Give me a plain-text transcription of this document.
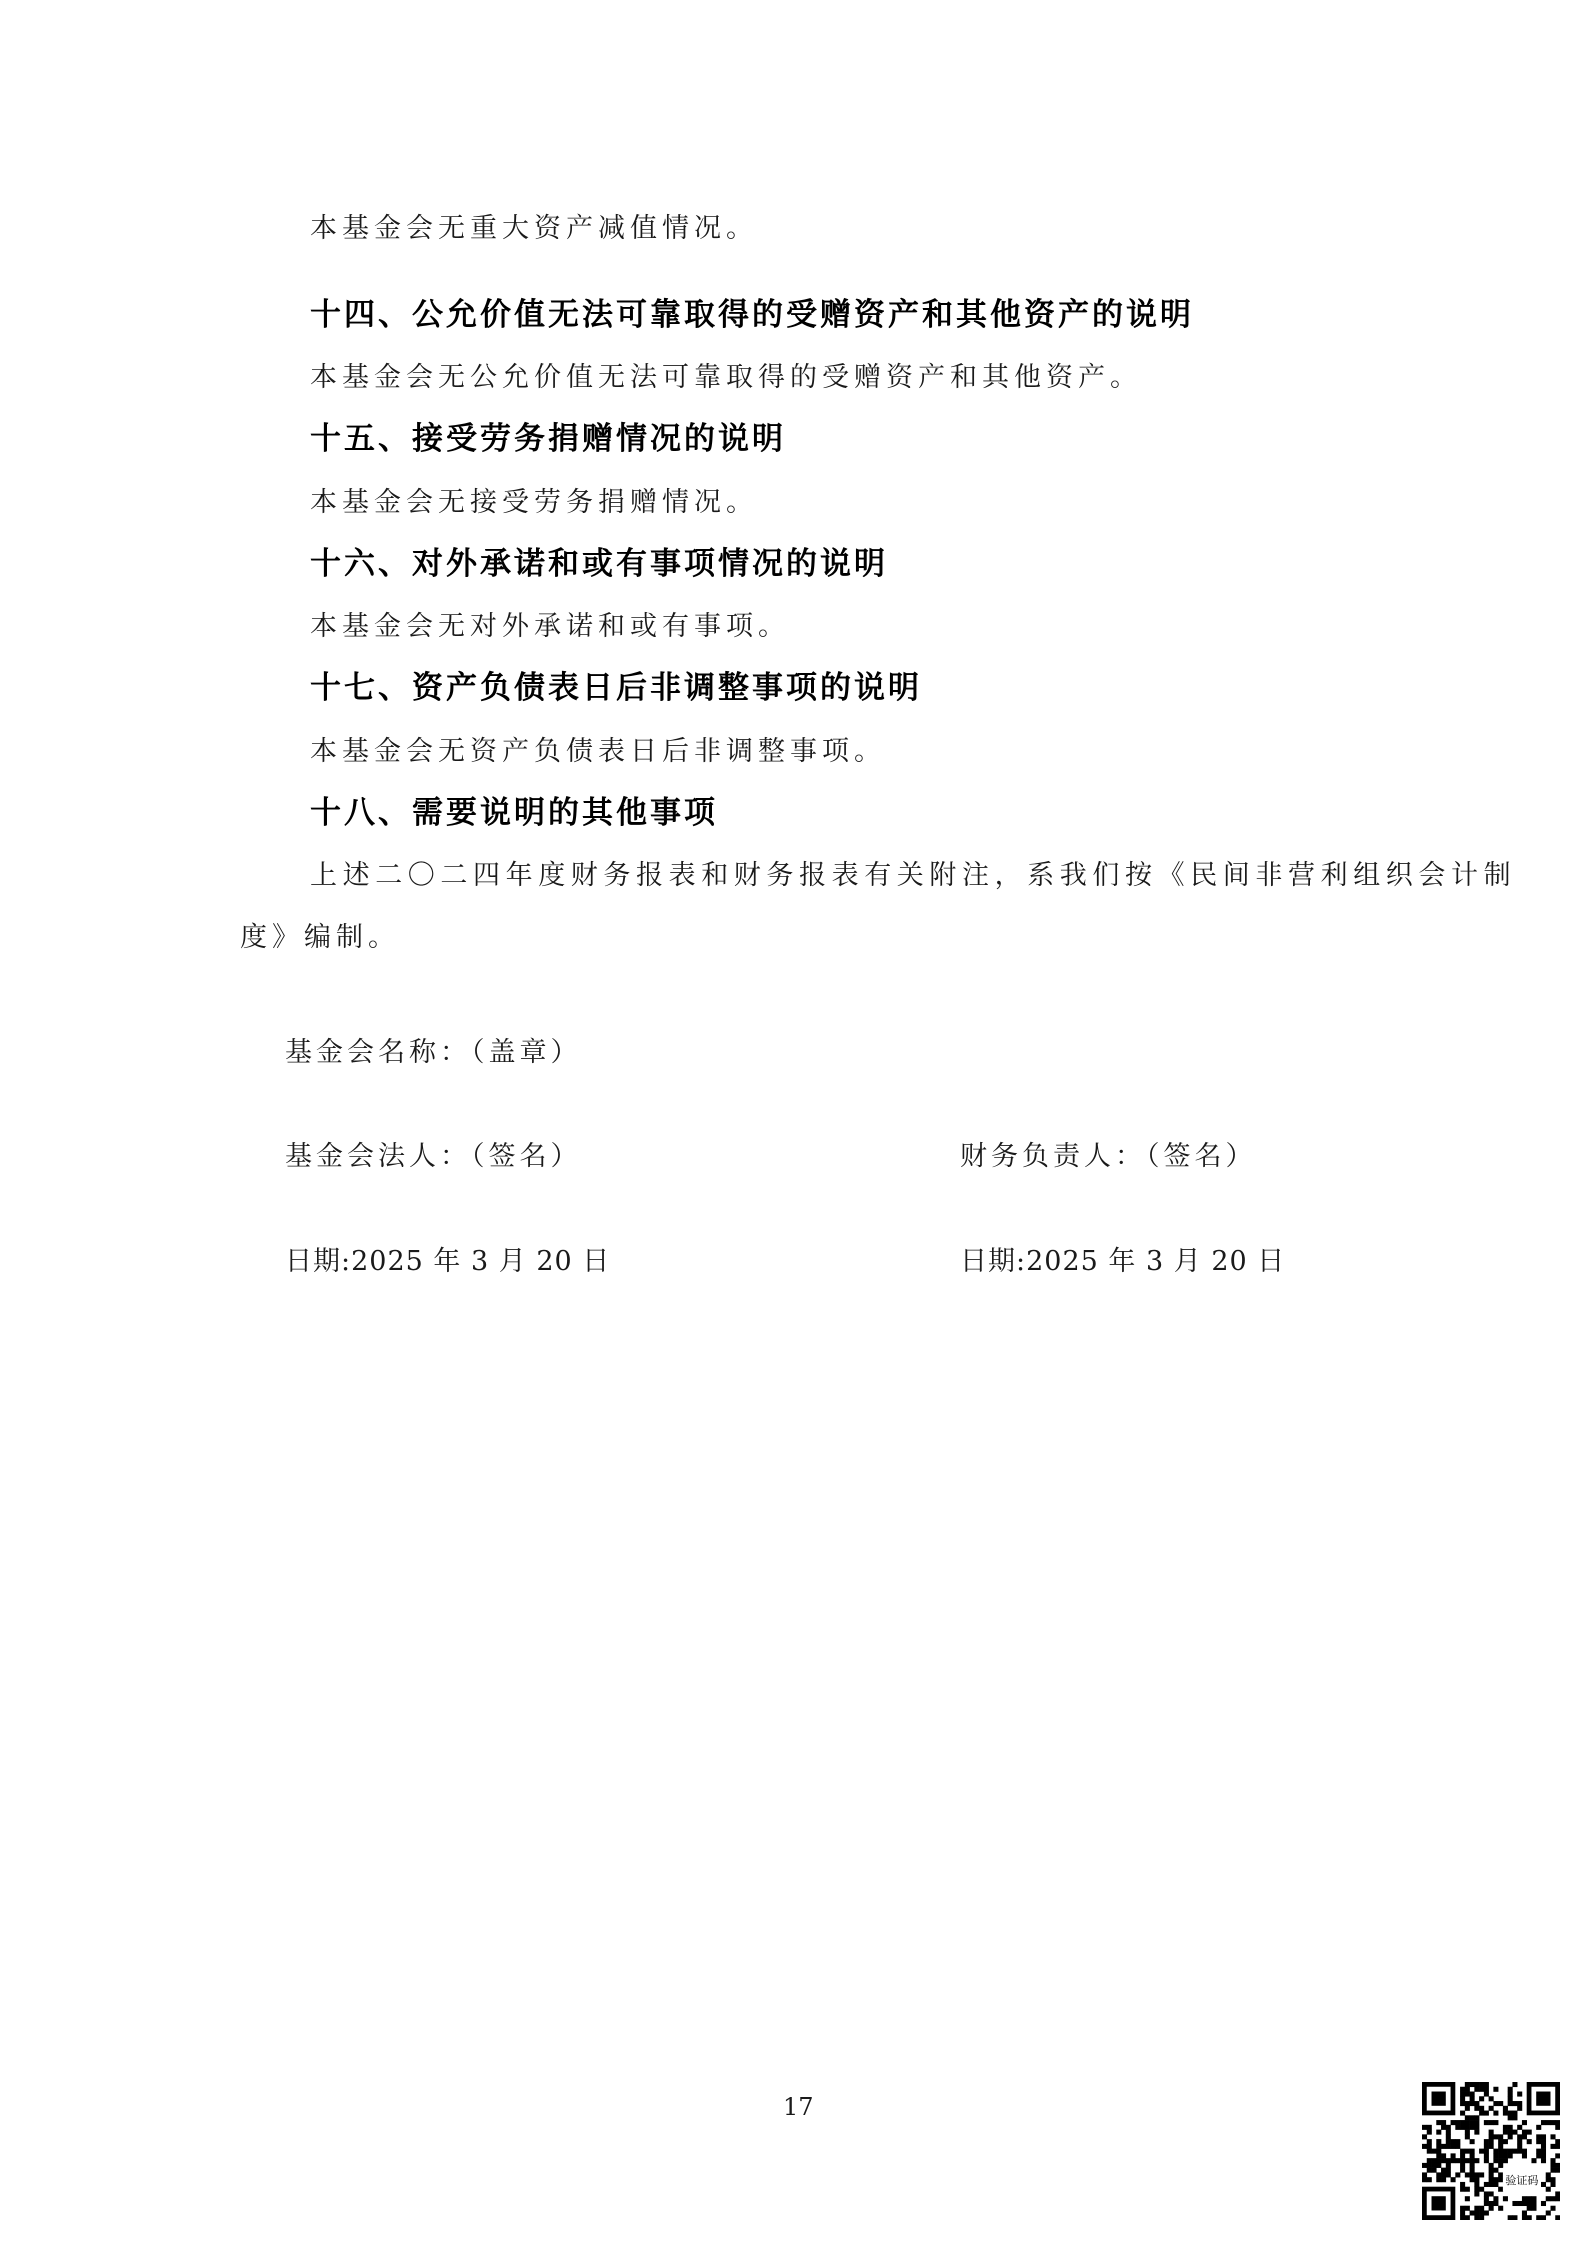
本基金会无重大资产减值情况。
十四、公允价值无法可靠取得的受赠资产和其他资产的说明
本基金会无公允价值无法可靠取得的受赠资产和其他资产。
十五、接受劳务捐赠情况的说明
本基金会无接受劳务捐赠情况。
十六、对外承诺和或有事项情况的说明
本基金会无对外承诺和或有事项。
十七、资产负债表日后非调整事项的说明
本基金会无资产负债表日后非调整事项。
十八、需要说明的其他事项
上述二〇二四年度财务报表和财务报表有关附注，系我们按《民间非营利组织会计制
度》编制。
基金会名称：（盖章）
基金会法人：（签名）	财务负责人：（签名）
日期:2025 年 3 月 20 日	日期:2025 年 3 月 20 日
17
验证码
